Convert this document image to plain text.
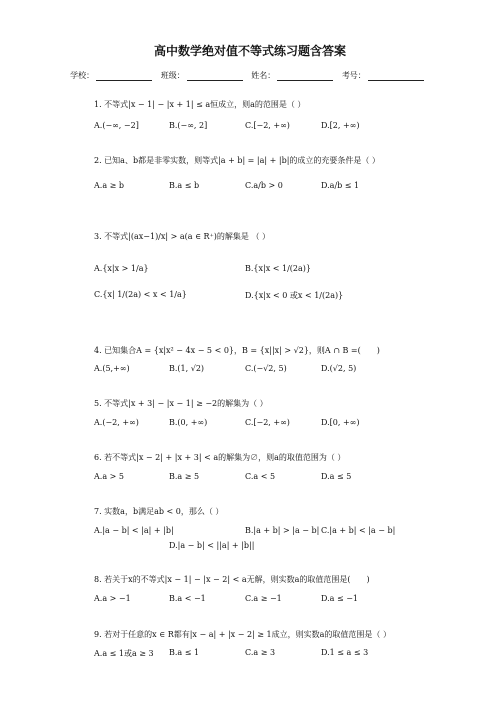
高中数学绝对值不等式练习题含答案
学校：	班级：	姓名：	考号：
1. 不等式|x − 1| − |x + 1| ≤ a恒成立，则a的范围是（ ）
A.(−∞, −2]	B.(−∞, 2]	C.[−2, +∞)	D.[2, +∞)
2. 已知a、b都是非零实数，则等式|a + b| = |a| + |b|的成立的充要条件是（ ）
A.a ≥ b	B.a ≤ b	C.a/b > 0	D.a/b ≤ 1
3. 不等式|(ax−1)/x| > a(a ∈ R⁺)的解集是 （ ）
A.{x|x > 1/a}	B.{x|x < 1/(2a)}
C.{x| 1/(2a) < x < 1/a}	D.{x|x < 0 或x < 1/(2a)}
4. 已知集合A = {x|x² − 4x − 5 < 0}，B = {x||x| > √2}，则A ∩ B =(　　)
A.(5,+∞)	B.(1, √2)	C.(−√2, 5)	D.(√2, 5)
5. 不等式|x + 3| − |x − 1| ≥ −2的解集为（ ）
A.(−2, +∞)	B.(0, +∞)	C.[−2, +∞)	D.[0, +∞)
6. 若不等式|x − 2| + |x + 3| < a的解集为∅，则a的取值范围为（ ）
A.a > 5	B.a ≥ 5	C.a < 5	D.a ≤ 5
7. 实数a，b满足ab < 0，那么（ ）
A.|a − b| < |a| + |b|	B.|a + b| > |a − b| C.|a + b| < |a − b|
D.|a − b| < ||a| + |b||
8. 若关于x的不等式|x − 1| − |x − 2| < a无解，则实数a的取值范围是(　　)
A.a > −1	B.a < −1	C.a ≥ −1	D.a ≤ −1
9. 若对于任意的x ∈ R都有|x − a| + |x − 2| ≥ 1成立，则实数a的取值范围是（ ）
A.a ≤ 1或a ≥ 3 B.a ≤ 1	C.a ≥ 3	D.1 ≤ a ≤ 3
